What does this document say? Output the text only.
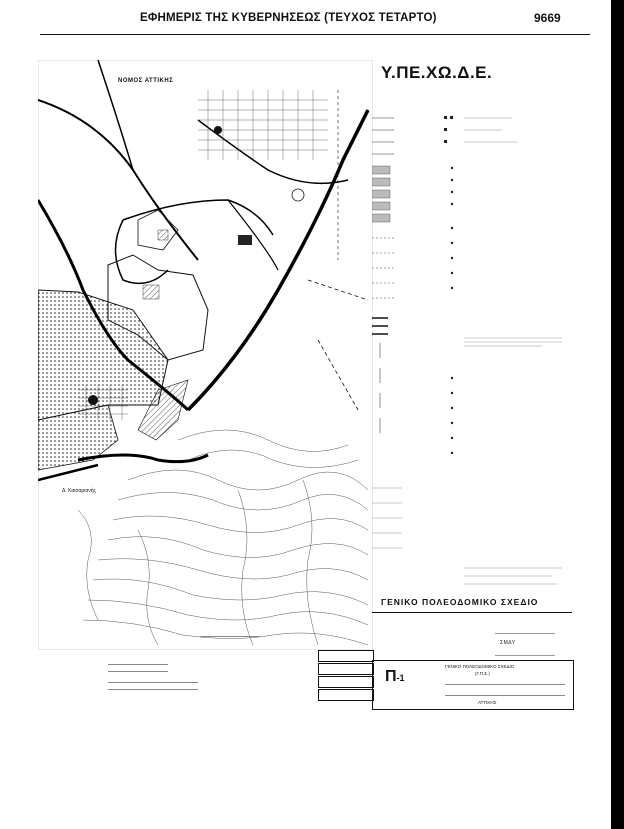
ΕΦΗΜΕΡΙΣ ΤΗΣ ΚΥΒΕΡΝΗΣΕΩΣ (ΤΕΥΧΟΣ ΤΕΤΑΡΤΟ)	9669
ΝΟΜΟΣ ΑΤΤΙΚΗΣ
Δ. Καισαριανής
Υ.ΠΕ.ΧΩ.Δ.Ε.
ΓΕΝΙΚΟ ΠΟΛΕΟΔΟΜΙΚΟ ΣΧΕΔΙΟ
ΣΜΔΥ
Π-1
ΓΕΝΙΚΟ ΠΟΛΕΟΔΟΜΙΚΟ ΣΧΕΔΙΟ
(Γ.Π.Σ.)
ΑΤΤΙΚΗΣ
